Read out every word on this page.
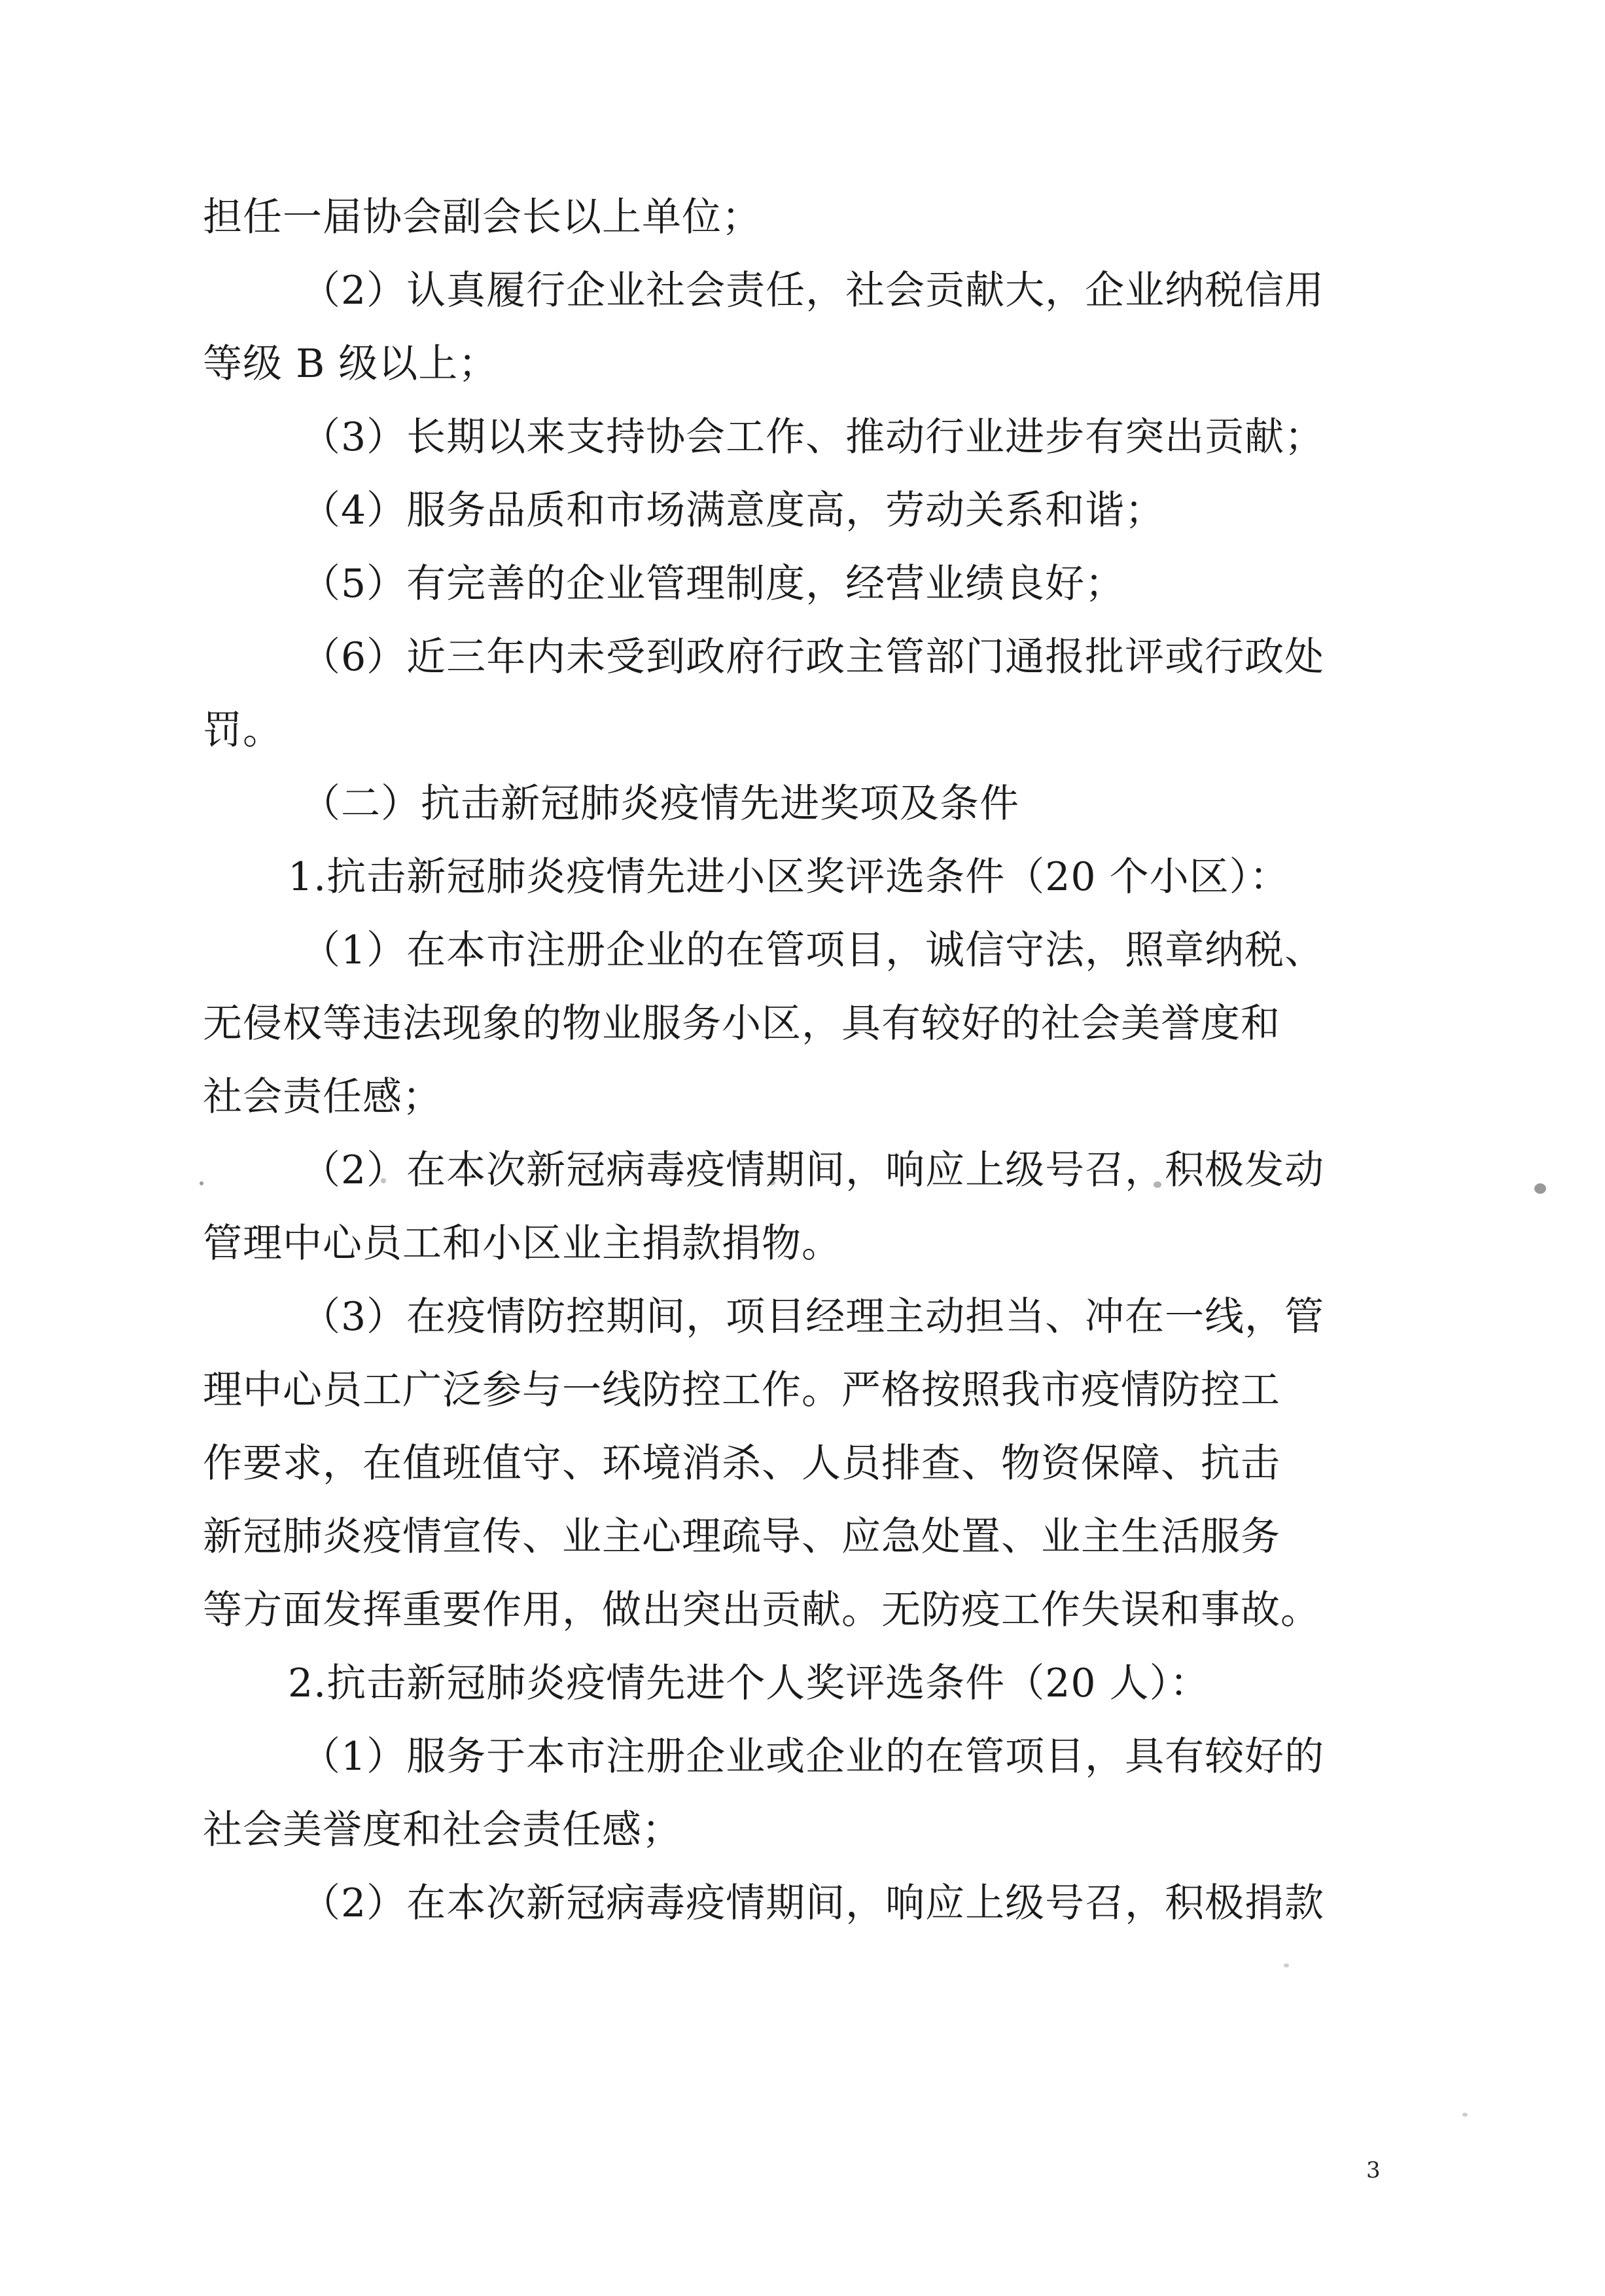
担任一届协会副会长以上单位；
（2）认真履行企业社会责任，社会贡献大，企业纳税信用
等级 B 级以上；
（3）长期以来支持协会工作、推动行业进步有突出贡献；
（4）服务品质和市场满意度高，劳动关系和谐；
（5）有完善的企业管理制度，经营业绩良好；
（6）近三年内未受到政府行政主管部门通报批评或行政处
罚。
（二）抗击新冠肺炎疫情先进奖项及条件
1.抗击新冠肺炎疫情先进小区奖评选条件（20 个小区）：
（1）在本市注册企业的在管项目，诚信守法，照章纳税、
无侵权等违法现象的物业服务小区，具有较好的社会美誉度和
社会责任感；
（2）在本次新冠病毒疫情期间，响应上级号召，积极发动
管理中心员工和小区业主捐款捐物。
（3）在疫情防控期间，项目经理主动担当、冲在一线，管
理中心员工广泛参与一线防控工作。严格按照我市疫情防控工
作要求，在值班值守、环境消杀、人员排查、物资保障、抗击
新冠肺炎疫情宣传、业主心理疏导、应急处置、业主生活服务
等方面发挥重要作用，做出突出贡献。无防疫工作失误和事故。
2.抗击新冠肺炎疫情先进个人奖评选条件（20 人）：
（1）服务于本市注册企业或企业的在管项目，具有较好的
社会美誉度和社会责任感；
（2）在本次新冠病毒疫情期间，响应上级号召，积极捐款
3
